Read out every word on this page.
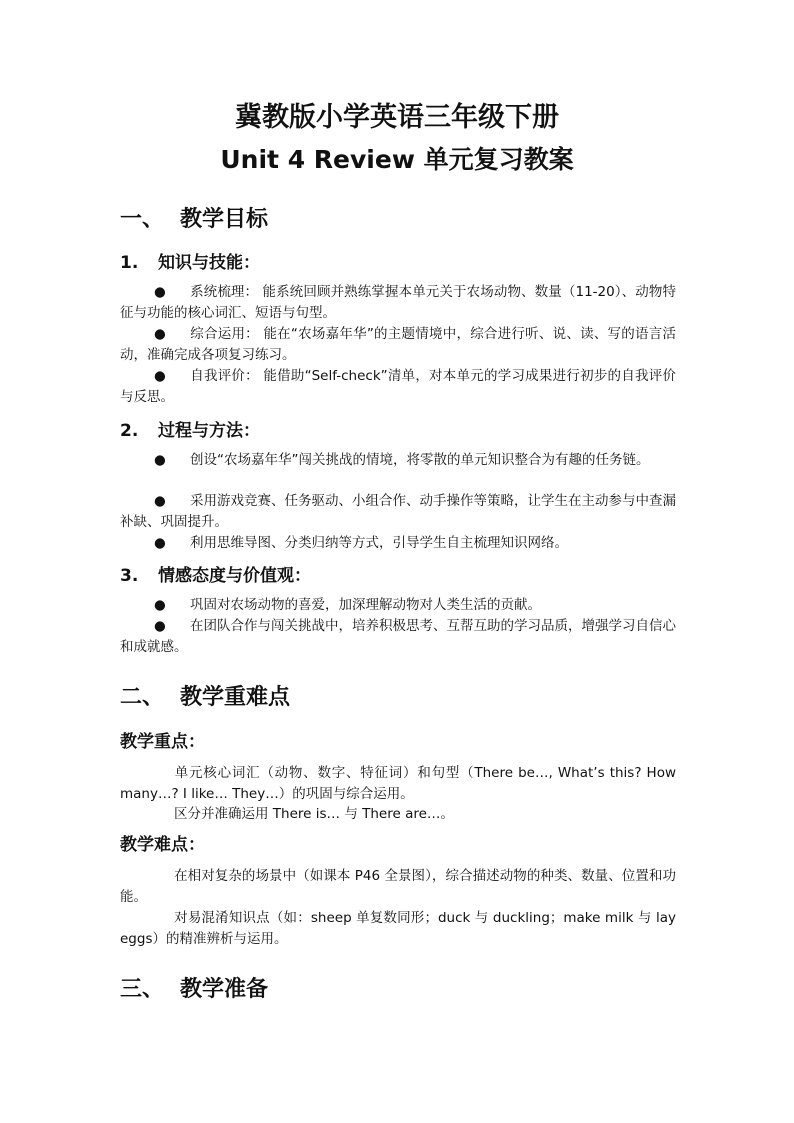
冀教版小学英语三年级下册
Unit 4 Review 单元复习教案
一、 教学目标
1. 知识与技能：
● 系统梳理： 能系统回顾并熟练掌握本单元关于农场动物、数量（11-20）、动物特征与功能的核心词汇、短语与句型。
● 综合运用： 能在“农场嘉年华”的主题情境中，综合进行听、说、读、写的语言活动，准确完成各项复习练习。
● 自我评价： 能借助“Self-check”清单，对本单元的学习成果进行初步的自我评价与反思。
2. 过程与方法：
● 创设“农场嘉年华”闯关挑战的情境，将零散的单元知识整合为有趣的任务链。
● 采用游戏竞赛、任务驱动、小组合作、动手操作等策略，让学生在主动参与中查漏补缺、巩固提升。
● 利用思维导图、分类归纳等方式，引导学生自主梳理知识网络。
3. 情感态度与价值观：
● 巩固对农场动物的喜爱，加深理解动物对人类生活的贡献。
● 在团队合作与闯关挑战中，培养积极思考、互帮互助的学习品质，增强学习自信心和成就感。
二、 教学重难点
教学重点：
单元核心词汇（动物、数字、特征词）和句型（There be…, What’s this? How many…? I like… They…）的巩固与综合运用。
区分并准确运用 There is… 与 There are…。
教学难点：
在相对复杂的场景中（如课本 P46 全景图），综合描述动物的种类、数量、位置和功能。
对易混淆知识点（如：sheep 单复数同形；duck 与 duckling；make milk 与 lay eggs）的精准辨析与运用。
三、 教学准备
